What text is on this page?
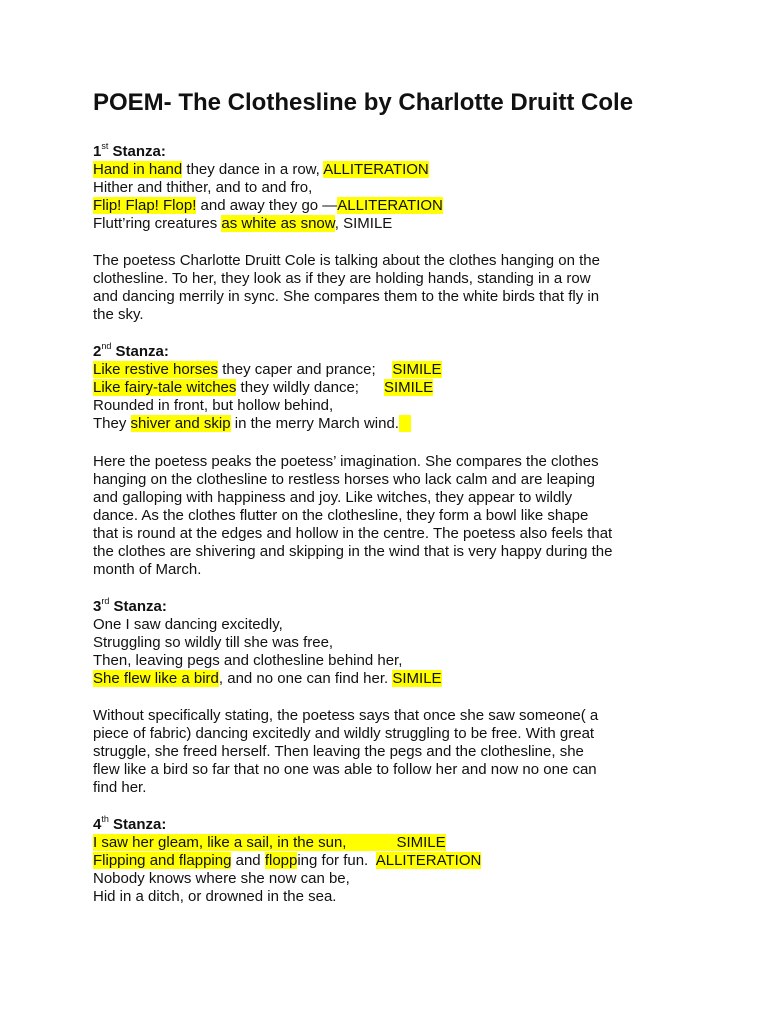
POEM- The Clothesline by Charlotte Druitt Cole
1st Stanza:
Hand in hand they dance in a row, ALLITERATION
Hither and thither, and to and fro,
Flip! Flap! Flop! and away they go —ALLITERATION
Flutt’ring creatures as white as snow, SIMILE
The poetess Charlotte Druitt Cole is talking about the clothes hanging on the
clothesline. To her, they look as if they are holding hands, standing in a row
and dancing merrily in sync. She compares them to the white birds that fly in
the sky.
2nd Stanza:
Like restive horses they caper and prance;    SIMILE
Like fairy-tale witches they wildly dance;      SIMILE
Rounded in front, but hollow behind,
They shiver and skip in the merry March wind.
Here the poetess peaks the poetess’ imagination. She compares the clothes
hanging on the clothesline to restless horses who lack calm and are leaping
and galloping with happiness and joy. Like witches, they appear to wildly
dance. As the clothes flutter on the clothesline, they form a bowl like shape
that is round at the edges and hollow in the centre. The poetess also feels that
the clothes are shivering and skipping in the wind that is very happy during the
month of March.
3rd Stanza:
One I saw dancing excitedly,
Struggling so wildly till she was free,
Then, leaving pegs and clothesline behind her,
She flew like a bird, and no one can find her. SIMILE
Without specifically stating, the poetess says that once she saw someone( a
piece of fabric) dancing excitedly and wildly struggling to be free. With great
struggle, she freed herself. Then leaving the pegs and the clothesline, she
flew like a bird so far that no one was able to follow her and now no one can
find her.
4th Stanza:
I saw her gleam, like a sail, in the sun,            SIMILE
Flipping and flapping and flopping for fun.  ALLITERATION
Nobody knows where she now can be,
Hid in a ditch, or drowned in the sea.
